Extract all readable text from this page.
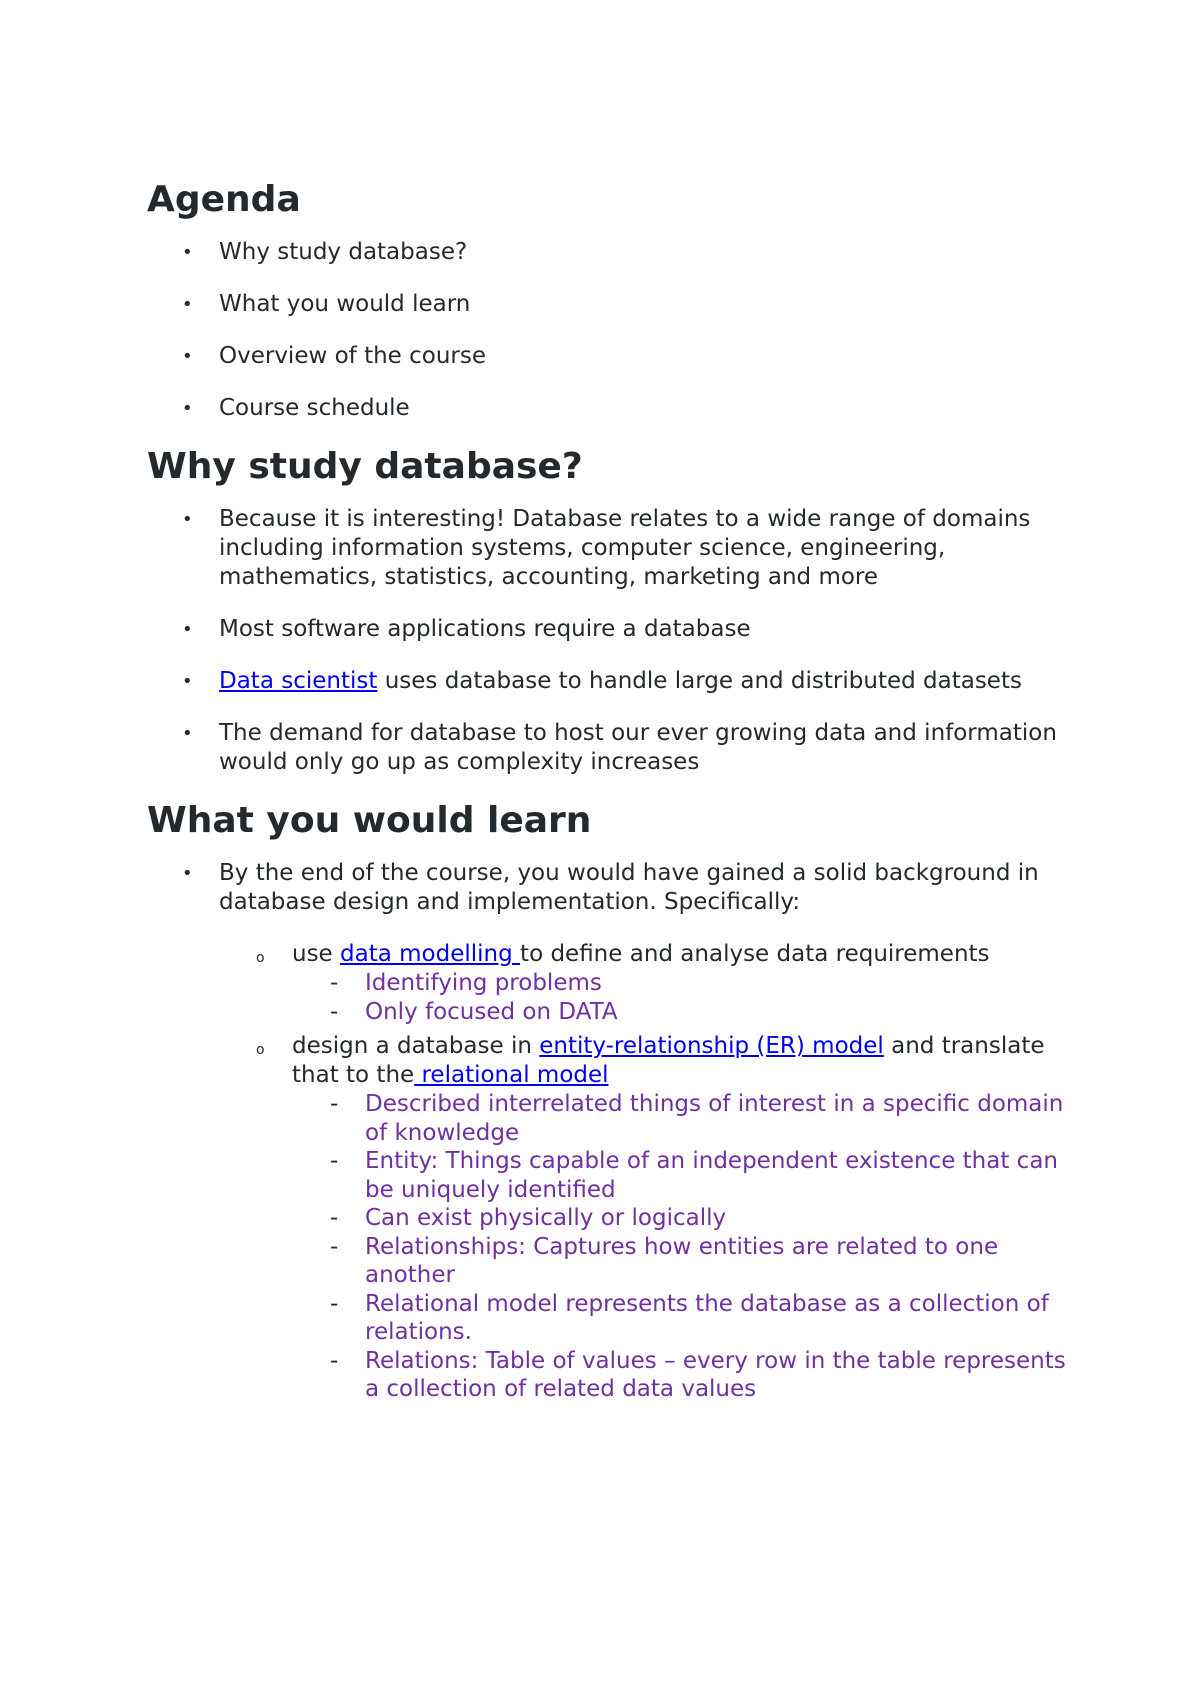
Agenda
• Why study database?
• What you would learn
• Overview of the course
• Course schedule
Why study database?
• Because it is interesting! Database relates to a wide range of domains including information systems, computer science, engineering, mathematics, statistics, accounting, marketing and more
• Most software applications require a database
• Data scientist uses database to handle large and distributed datasets
• The demand for database to host our ever growing data and information would only go up as complexity increases
What you would learn
• By the end of the course, you would have gained a solid background in database design and implementation. Specifically:
o use data modelling to define and analyse data requirements
- Identifying problems
- Only focused on DATA
o design a database in entity-relationship (ER) model and translate that to the relational model
- Described interrelated things of interest in a specific domain of knowledge
- Entity: Things capable of an independent existence that can be uniquely identified
- Can exist physically or logically
- Relationships: Captures how entities are related to one another
- Relational model represents the database as a collection of relations.
- Relations: Table of values – every row in the table represents a collection of related data values
